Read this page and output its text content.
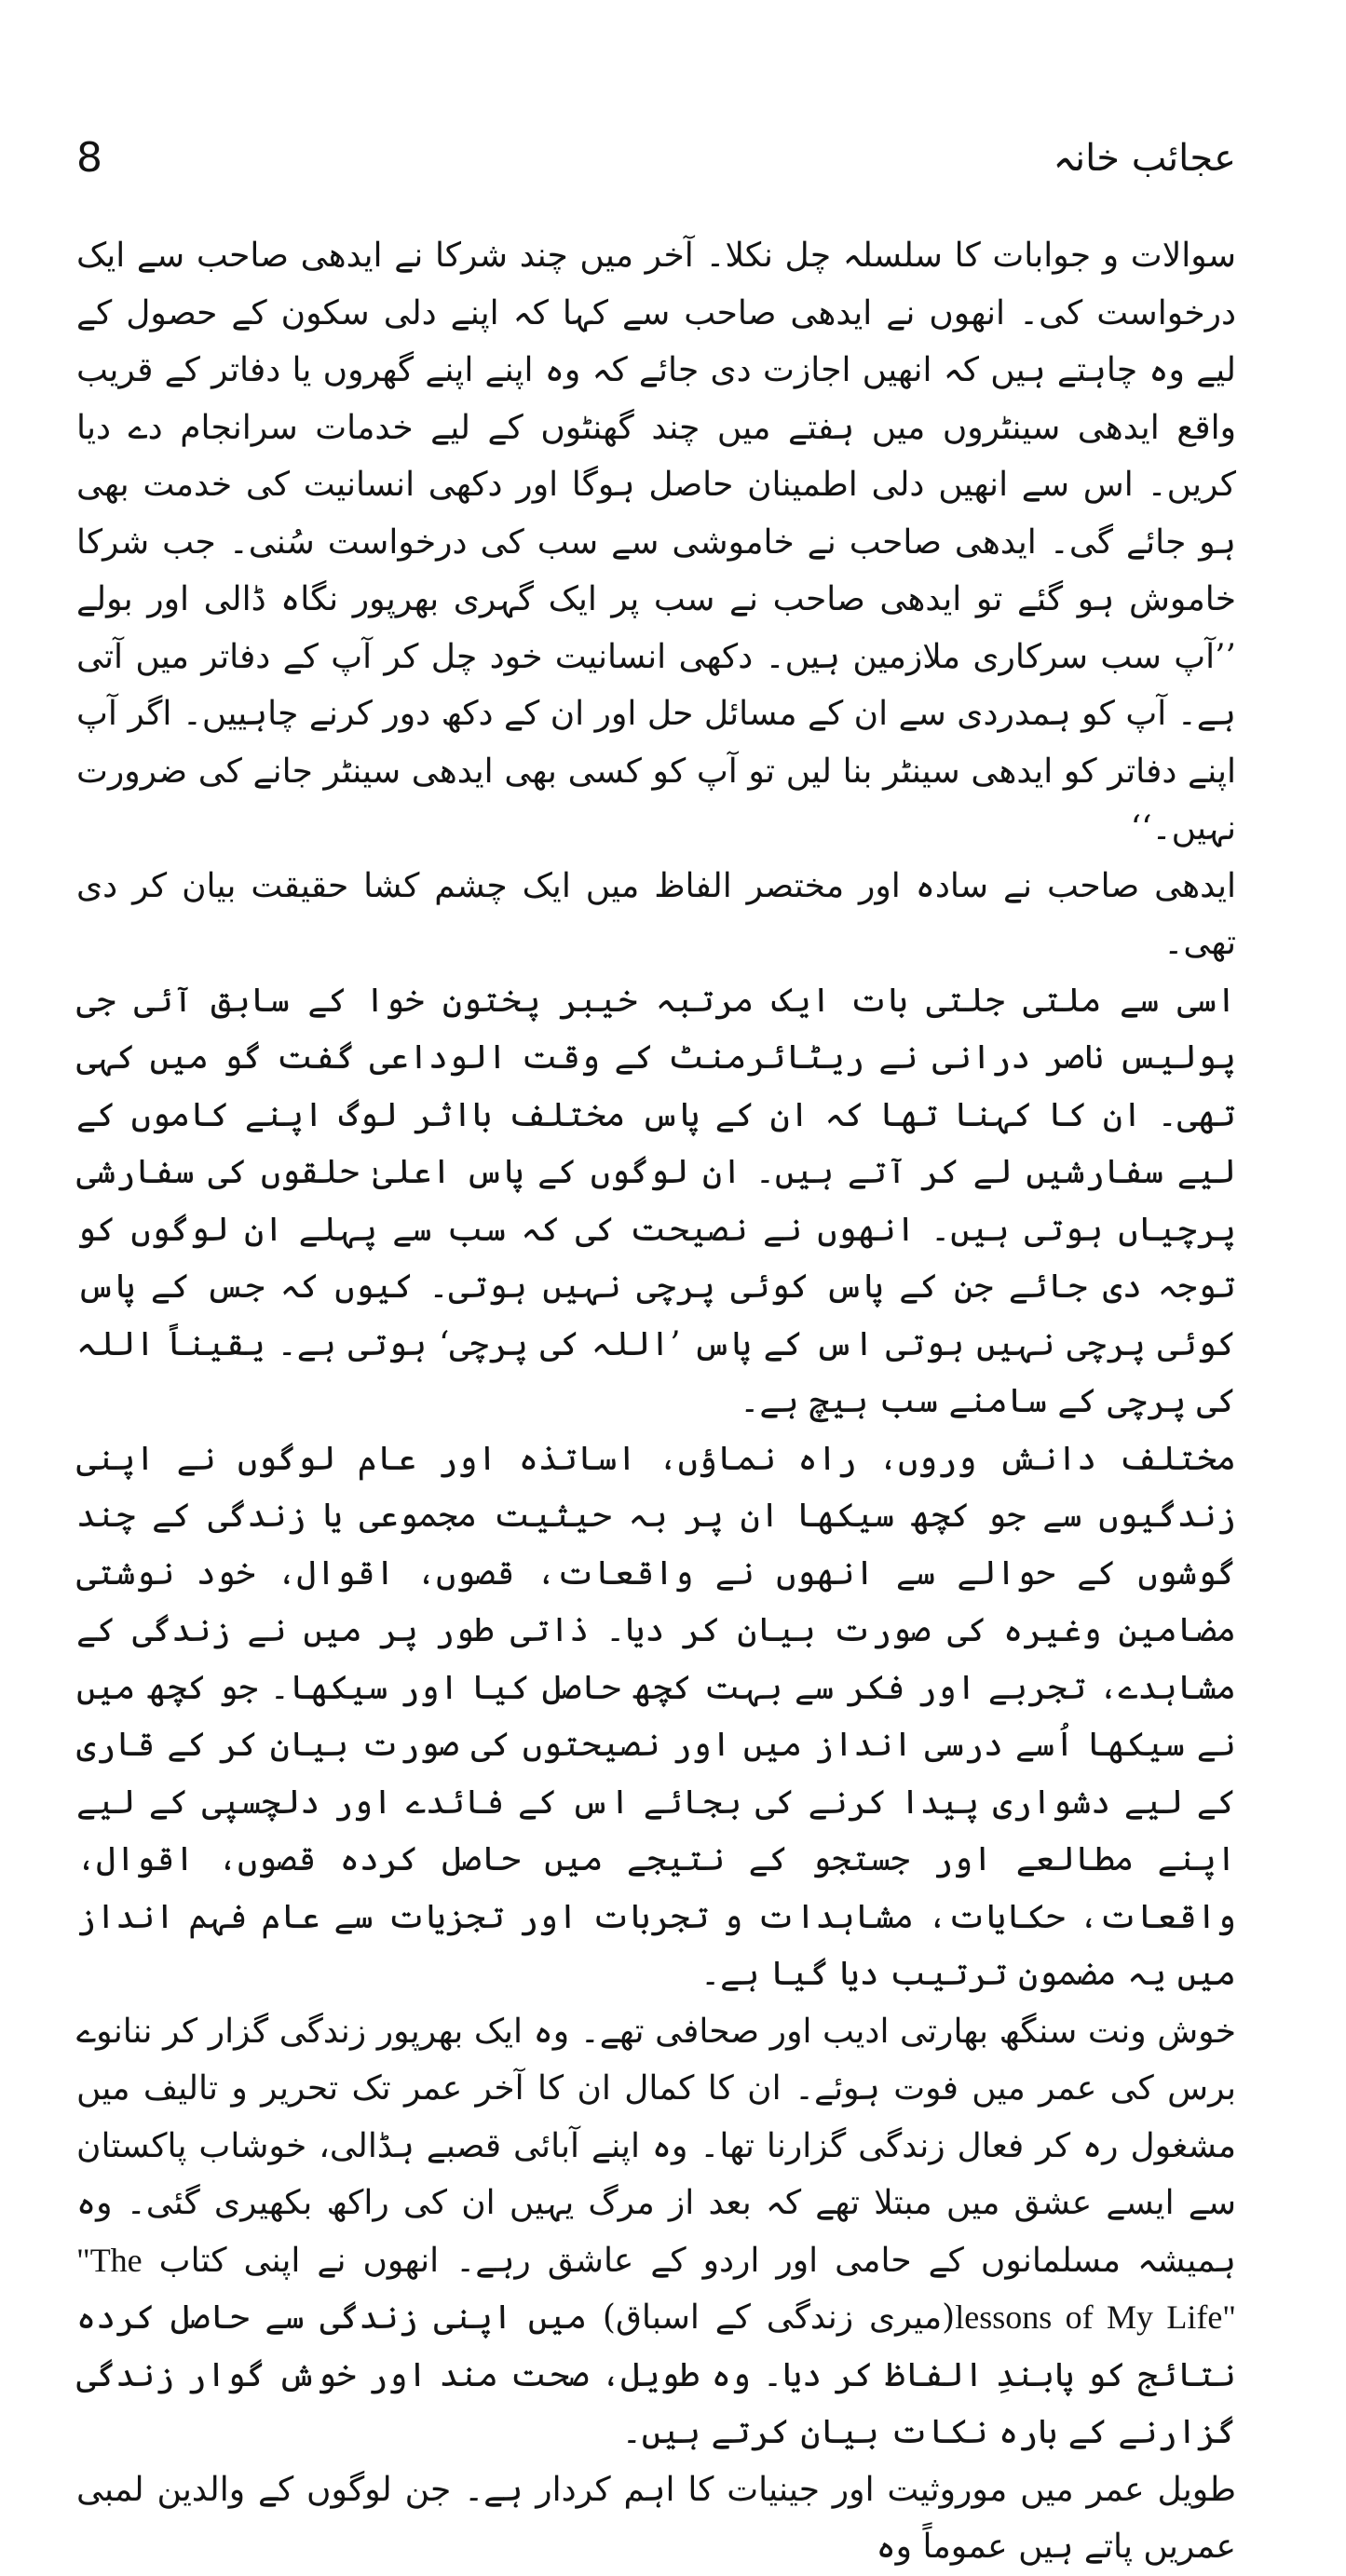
8	عجائب خانہ

سوالات و جوابات کا سلسلہ چل نکلا۔ آخر میں چند شرکا نے ایدھی صاحب سے ایک درخواست کی۔ انھوں نے ایدھی صاحب سے کہا کہ اپنے دلی سکون کے حصول کے لیے وہ چاہتے ہیں کہ انھیں اجازت دی جائے کہ وہ اپنے اپنے گھروں یا دفاتر کے قریب واقع ایدھی سینٹروں میں ہفتے میں چند گھنٹوں کے لیے خدمات سرانجام دے دیا کریں۔ اس سے انھیں دلی اطمینان حاصل ہوگا اور دکھی انسانیت کی خدمت بھی ہو جائے گی۔ ایدھی صاحب نے خاموشی سے سب کی درخواست سُنی۔ جب شرکا خاموش ہو گئے تو ایدھی صاحب نے سب پر ایک گہری بھرپور نگاہ ڈالی اور بولے ’’آپ سب سرکاری ملازمین ہیں۔ دکھی انسانیت خود چل کر آپ کے دفاتر میں آتی ہے۔ آپ کو ہمدردی سے ان کے مسائل حل اور ان کے دکھ دور کرنے چاہییں۔ اگر آپ اپنے دفاتر کو ایدھی سینٹر بنا لیں تو آپ کو کسی بھی ایدھی سینٹر جانے کی ضرورت نہیں۔‘‘

ایدھی صاحب نے سادہ اور مختصر الفاظ میں ایک چشم کشا حقیقت بیان کر دی تھی۔

اسی سے ملتی جلتی بات ایک مرتبہ خیبر پختون خوا کے سابق آئی جی پولیس ناصر درانی نے ریٹائرمنٹ کے وقت الوداعی گفت گو میں کہی تھی۔ ان کا کہنا تھا کہ ان کے پاس مختلف بااثر لوگ اپنے کاموں کے لیے سفارشیں لے کر آتے ہیں۔ ان لوگوں کے پاس اعلیٰ حلقوں کی سفارشی پرچیاں ہوتی ہیں۔ انھوں نے نصیحت کی کہ سب سے پہلے ان لوگوں کو توجہ دی جائے جن کے پاس کوئی پرچی نہیں ہوتی۔ کیوں کہ جس کے پاس کوئی پرچی نہیں ہوتی اس کے پاس ’اللہ کی پرچی‘ ہوتی ہے۔ یقیناً اللہ کی پرچی کے سامنے سب ہیچ ہے۔

مختلف دانش وروں، راہ نماؤں، اساتذہ اور عام لوگوں نے اپنی زندگیوں سے جو کچھ سیکھا ان پر بہ حیثیت مجموعی یا زندگی کے چند گوشوں کے حوالے سے انھوں نے واقعات، قصوں، اقوال، خود نوشتی مضامین وغیرہ کی صورت بیان کر دیا۔ ذاتی طور پر میں نے زندگی کے مشاہدے، تجربے اور فکر سے بہت کچھ حاصل کیا اور سیکھا۔ جو کچھ میں نے سیکھا اُسے درسی انداز میں اور نصیحتوں کی صورت بیان کر کے قاری کے لیے دشواری پیدا کرنے کی بجائے اس کے فائدے اور دلچسپی کے لیے اپنے مطالعے اور جستجو کے نتیجے میں حاصل کردہ قصوں، اقوال، واقعات، حکایات، مشاہدات و تجربات اور تجزیات سے عام فہم انداز میں یہ مضمون ترتیب دیا گیا ہے۔

خوش ونت سنگھ بھارتی ادیب اور صحافی تھے۔ وہ ایک بھرپور زندگی گزار کر ننانوے برس کی عمر میں فوت ہوئے۔ ان کا کمال ان کا آخر عمر تک تحریر و تالیف میں مشغول رہ کر فعال زندگی گزارنا تھا۔ وہ اپنے آبائی قصبے ہڈالی، خوشاب پاکستان سے ایسے عشق میں مبتلا تھے کہ بعد از مرگ یہیں ان کی راکھ بکھیری گئی۔ وہ ہمیشہ مسلمانوں کے حامی اور اردو کے عاشق رہے۔ انھوں نے اپنی کتاب "The lessons of My Life"(میری زندگی کے اسباق) میں اپنی زندگی سے حاصل کردہ نتائج کو پابندِ الفاظ کر دیا۔ وہ طویل، صحت مند اور خوش گوار زندگی گزارنے کے بارہ نکات بیان کرتے ہیں۔

طویل عمر میں موروثیت اور جینیات کا اہم کردار ہے۔ جن لوگوں کے والدین لمبی عمریں پاتے ہیں عموماً وہ
